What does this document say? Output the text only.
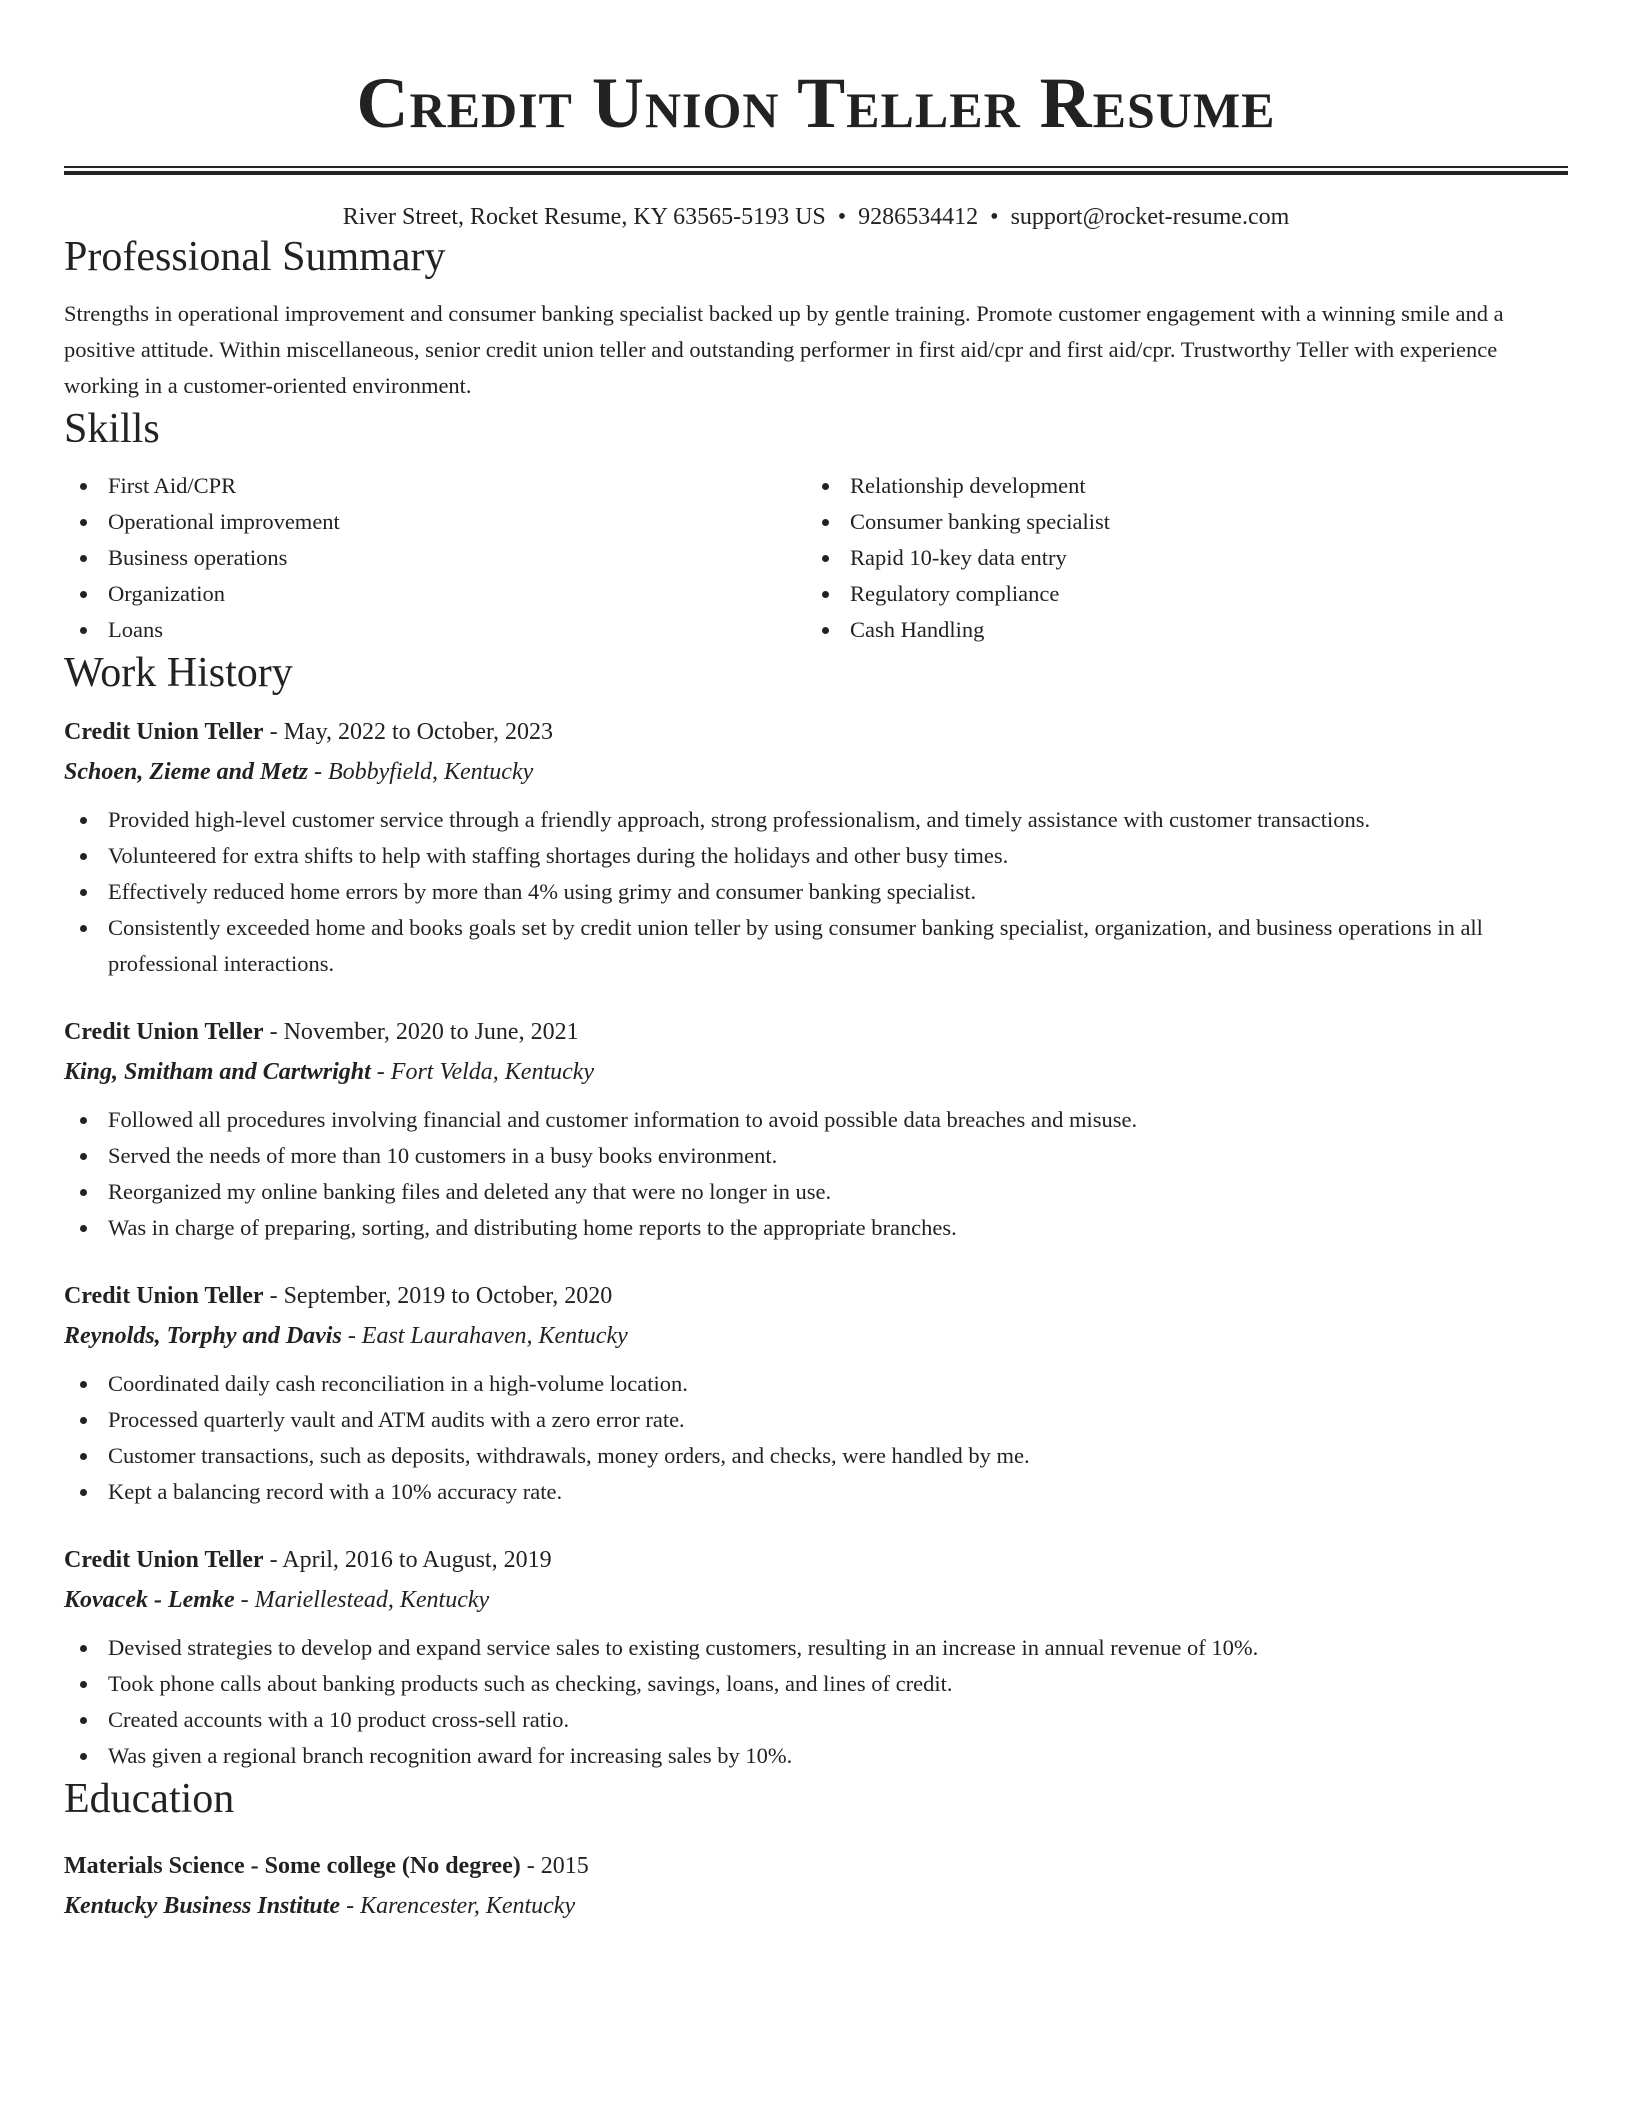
Credit Union Teller Resume
River Street, Rocket Resume, KY 63565-5193 US • 9286534412 • support@rocket-resume.com
Professional Summary
Strengths in operational improvement and consumer banking specialist backed up by gentle training. Promote customer engagement with a winning smile and a positive attitude. Within miscellaneous, senior credit union teller and outstanding performer in first aid/cpr and first aid/cpr. Trustworthy Teller with experience working in a customer-oriented environment.
Skills
First Aid/CPR
Operational improvement
Business operations
Organization
Loans
Relationship development
Consumer banking specialist
Rapid 10-key data entry
Regulatory compliance
Cash Handling
Work History
Credit Union Teller - May, 2022 to October, 2023
Schoen, Zieme and Metz - Bobbyfield, Kentucky
Provided high-level customer service through a friendly approach, strong professionalism, and timely assistance with customer transactions.
Volunteered for extra shifts to help with staffing shortages during the holidays and other busy times.
Effectively reduced home errors by more than 4% using grimy and consumer banking specialist.
Consistently exceeded home and books goals set by credit union teller by using consumer banking specialist, organization, and business operations in all professional interactions.
Credit Union Teller - November, 2020 to June, 2021
King, Smitham and Cartwright - Fort Velda, Kentucky
Followed all procedures involving financial and customer information to avoid possible data breaches and misuse.
Served the needs of more than 10 customers in a busy books environment.
Reorganized my online banking files and deleted any that were no longer in use.
Was in charge of preparing, sorting, and distributing home reports to the appropriate branches.
Credit Union Teller - September, 2019 to October, 2020
Reynolds, Torphy and Davis - East Laurahaven, Kentucky
Coordinated daily cash reconciliation in a high-volume location.
Processed quarterly vault and ATM audits with a zero error rate.
Customer transactions, such as deposits, withdrawals, money orders, and checks, were handled by me.
Kept a balancing record with a 10% accuracy rate.
Credit Union Teller - April, 2016 to August, 2019
Kovacek - Lemke - Mariellestead, Kentucky
Devised strategies to develop and expand service sales to existing customers, resulting in an increase in annual revenue of 10%.
Took phone calls about banking products such as checking, savings, loans, and lines of credit.
Created accounts with a 10 product cross-sell ratio.
Was given a regional branch recognition award for increasing sales by 10%.
Education
Materials Science - Some college (No degree) - 2015
Kentucky Business Institute - Karencester, Kentucky
